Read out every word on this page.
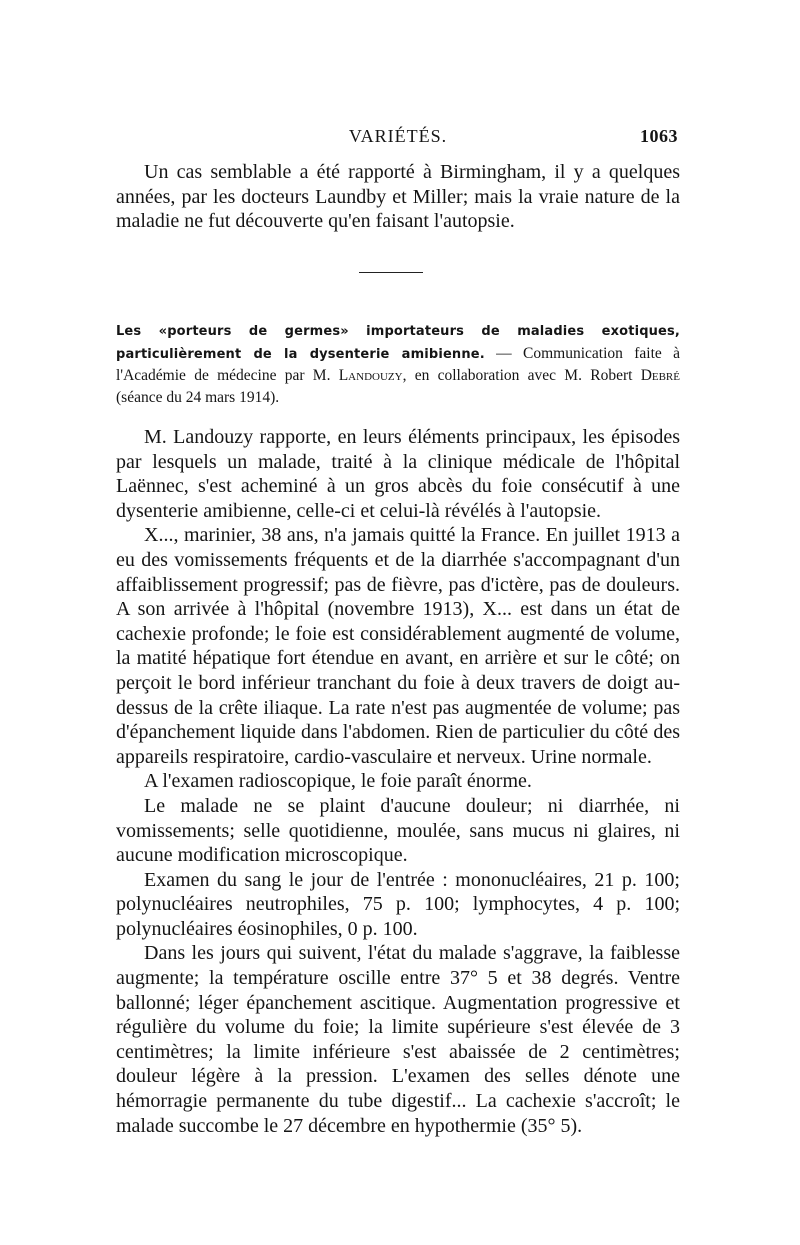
VARIÉTÉS.	1063

Un cas semblable a été rapporté à Birmingham, il y a quelques années, par les docteurs Laundby et Miller; mais la vraie nature de la maladie ne fut découverte qu'en faisant l'autopsie.

Les «porteurs de germes» importateurs de maladies exotiques, particulièrement de la dysenterie amibienne. — Communication faite à l'Académie de médecine par M. Landouzy, en collaboration avec M. Robert Debré (séance du 24 mars 1914).

M. Landouzy rapporte, en leurs éléments principaux, les épisodes par lesquels un malade, traité à la clinique médicale de l'hôpital Laënnec, s'est acheminé à un gros abcès du foie consécutif à une dysenterie amibienne, celle-ci et celui-là révélés à l'autopsie.

X..., marinier, 38 ans, n'a jamais quitté la France. En juillet 1913 a eu des vomissements fréquents et de la diarrhée s'accompagnant d'un affaiblissement progressif; pas de fièvre, pas d'ictère, pas de douleurs. A son arrivée à l'hôpital (novembre 1913), X... est dans un état de cachexie profonde; le foie est considérablement augmenté de volume, la matité hépatique fort étendue en avant, en arrière et sur le côté; on perçoit le bord inférieur tranchant du foie à deux travers de doigt au-dessus de la crête iliaque. La rate n'est pas augmentée de volume; pas d'épanchement liquide dans l'abdomen. Rien de particulier du côté des appareils respiratoire, cardio-vasculaire et nerveux. Urine normale.

A l'examen radioscopique, le foie paraît énorme.

Le malade ne se plaint d'aucune douleur; ni diarrhée, ni vomissements; selle quotidienne, moulée, sans mucus ni glaires, ni aucune modification microscopique.

Examen du sang le jour de l'entrée : mononucléaires, 21 p. 100; polynucléaires neutrophiles, 75 p. 100; lymphocytes, 4 p. 100; polynucléaires éosinophiles, 0 p. 100.

Dans les jours qui suivent, l'état du malade s'aggrave, la faiblesse augmente; la température oscille entre 37° 5 et 38 degrés. Ventre ballonné; léger épanchement ascitique. Augmentation progressive et régulière du volume du foie; la limite supérieure s'est élevée de 3 centimètres; la limite inférieure s'est abaissée de 2 centimètres; douleur légère à la pression. L'examen des selles dénote une hémorragie permanente du tube digestif... La cachexie s'accroît; le malade succombe le 27 décembre en hypothermie (35° 5).
